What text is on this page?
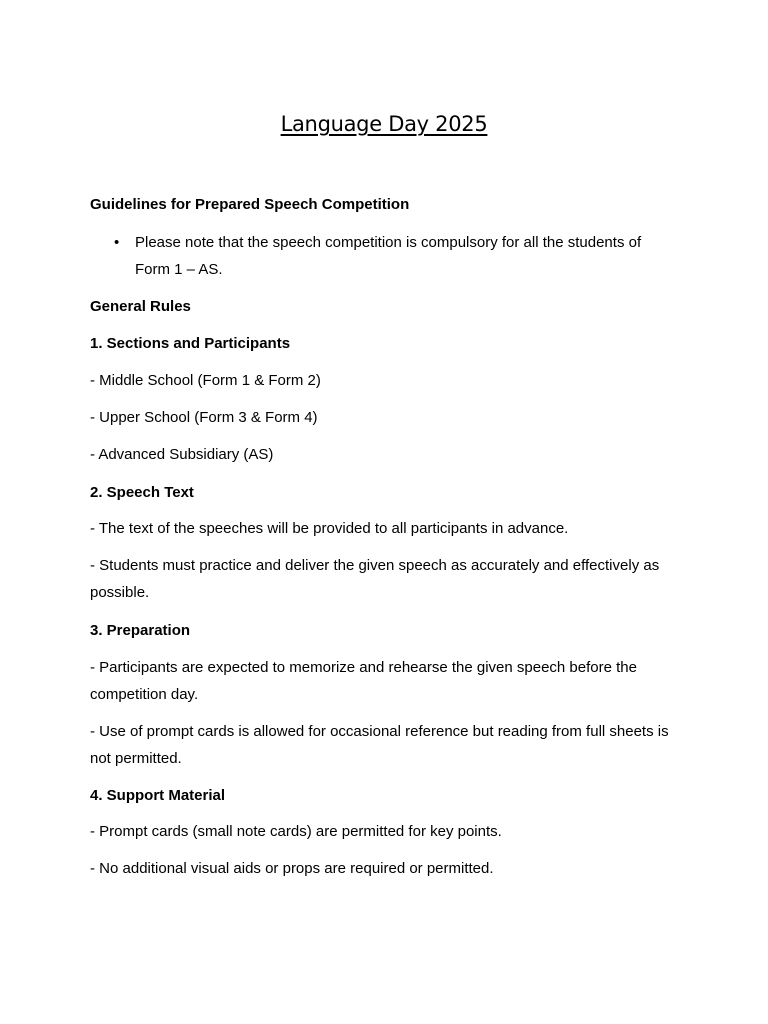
Language Day 2025
Guidelines for Prepared Speech Competition
• Please note that the speech competition is compulsory for all the students of
Form 1 – AS.
General Rules
1. Sections and Participants
- Middle School (Form 1 & Form 2)
- Upper School (Form 3 & Form 4)
- Advanced Subsidiary (AS)
2. Speech Text
- The text of the speeches will be provided to all participants in advance.
- Students must practice and deliver the given speech as accurately and effectively as
possible.
3. Preparation
- Participants are expected to memorize and rehearse the given speech before the
competition day.
- Use of prompt cards is allowed for occasional reference but reading from full sheets is
not permitted.
4. Support Material
- Prompt cards (small note cards) are permitted for key points.
- No additional visual aids or props are required or permitted.
